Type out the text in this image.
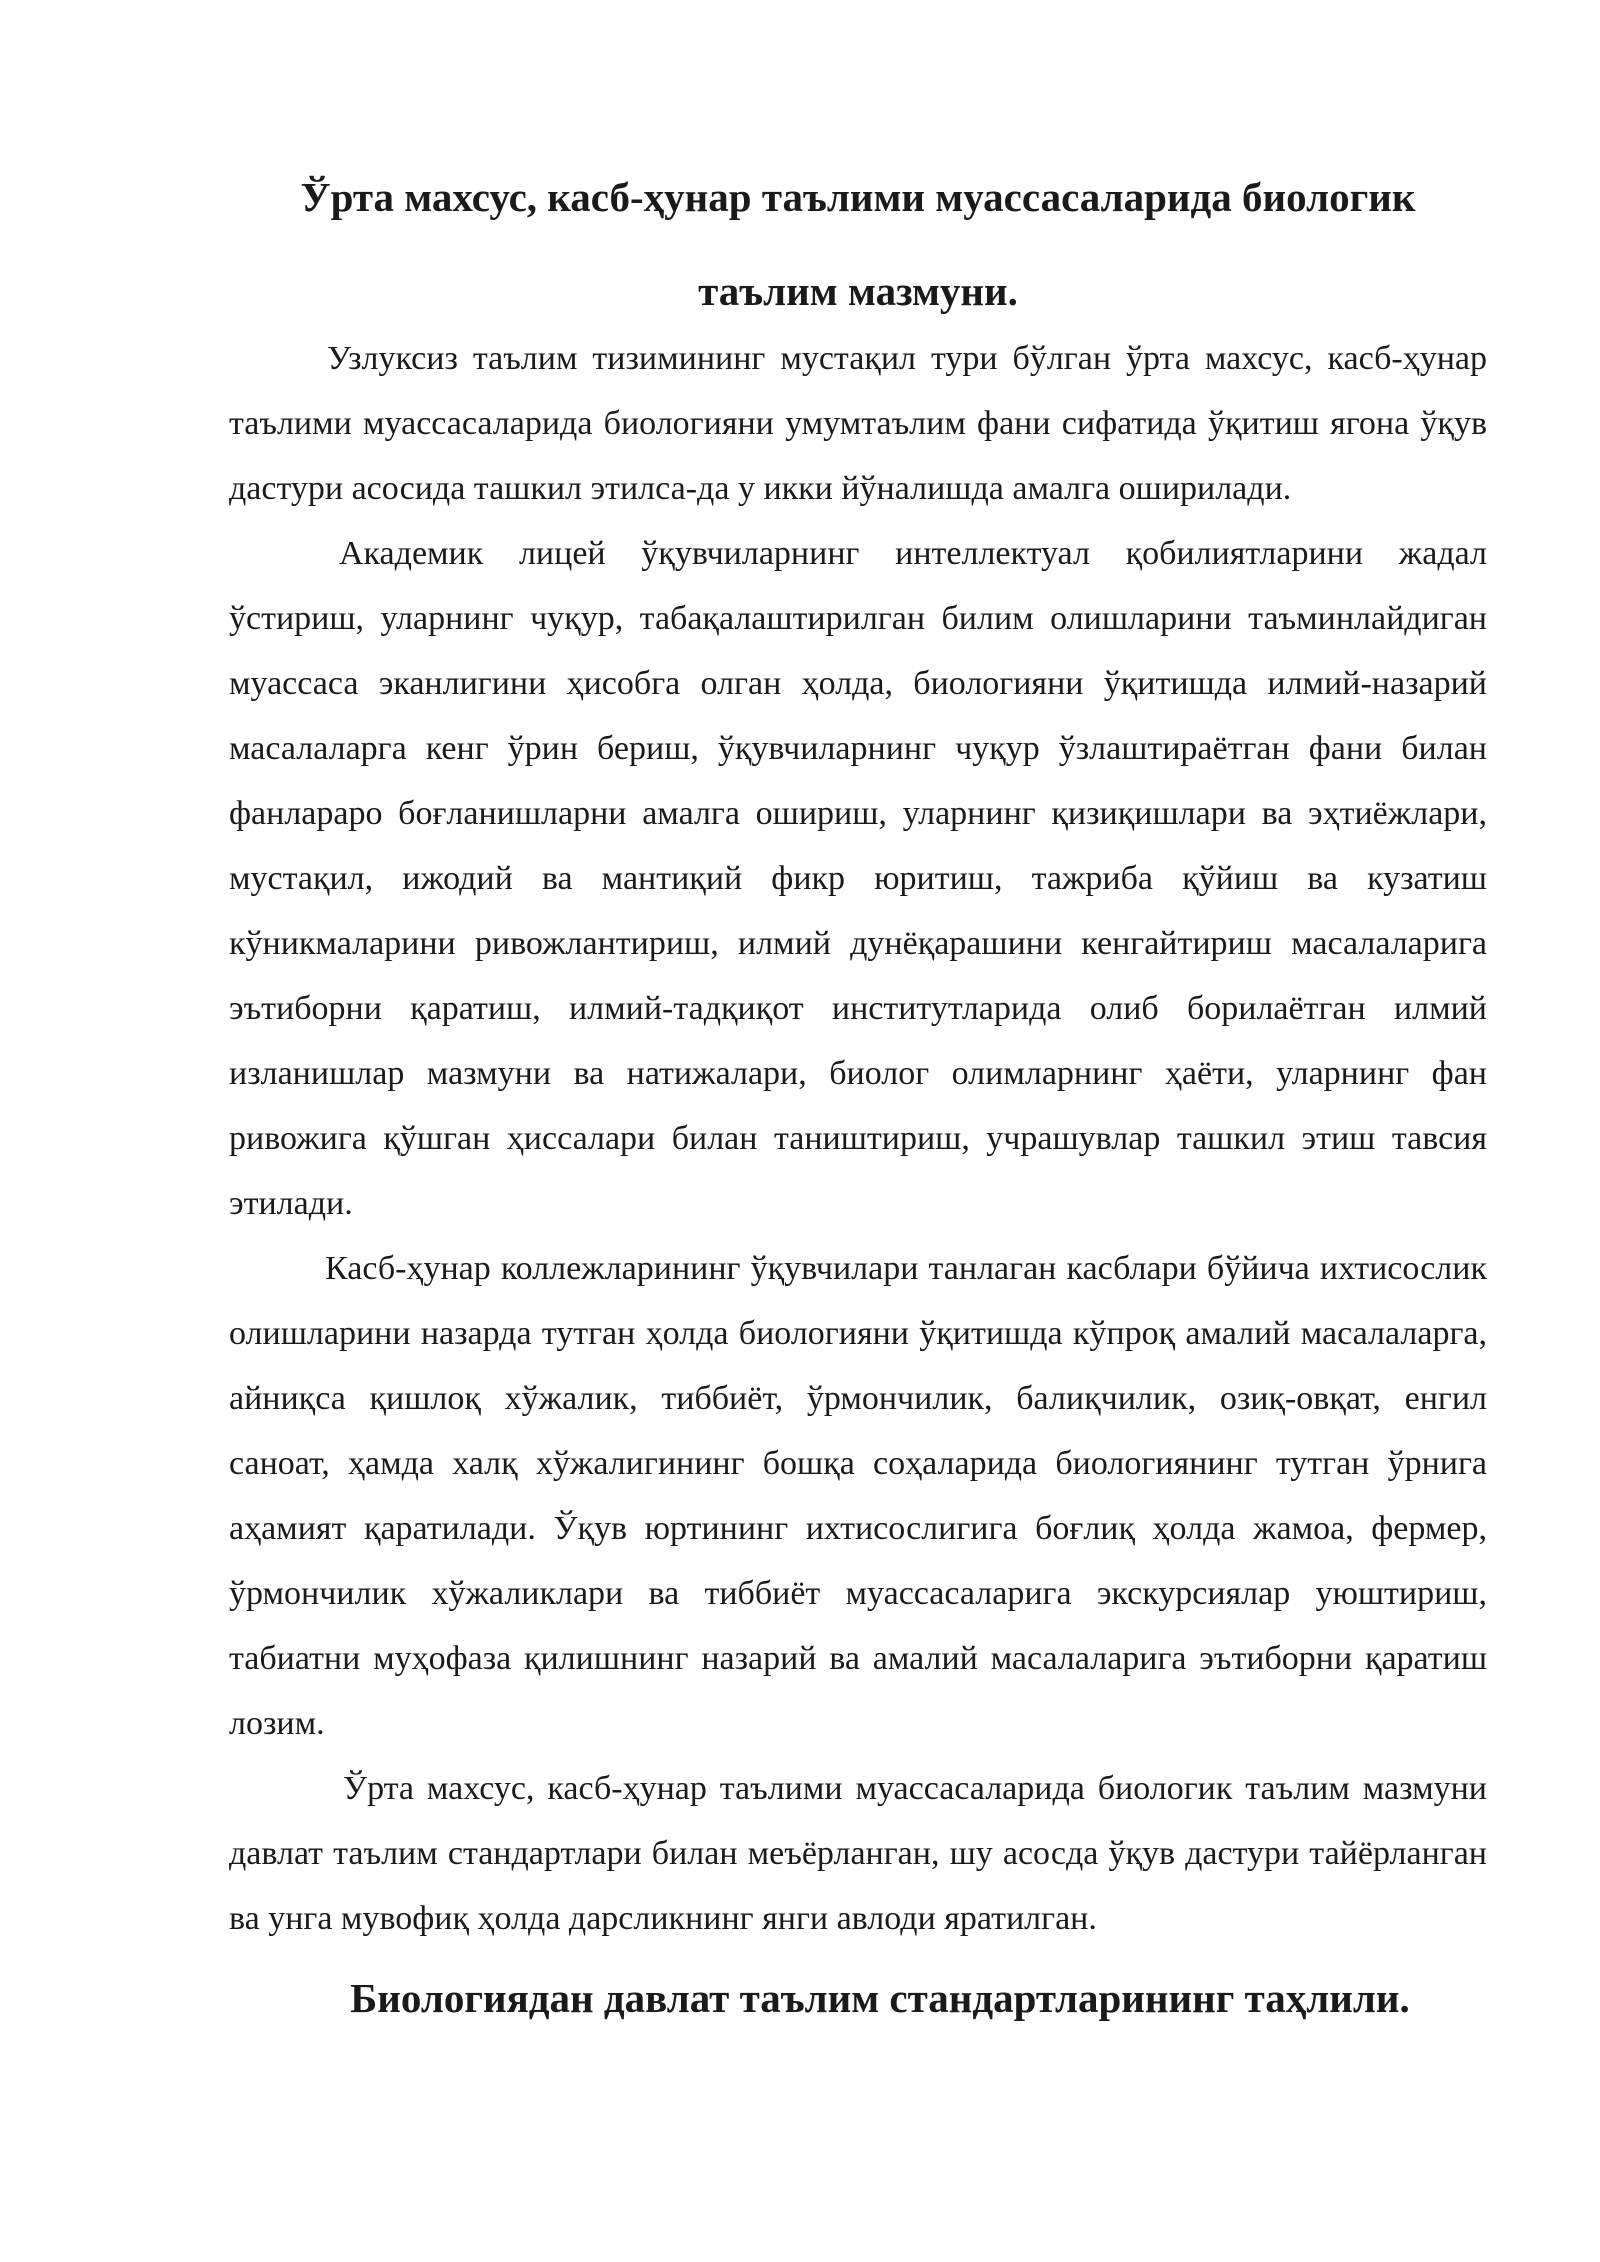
Ўрта махсус, касб-ҳунар таълими муассасаларида биологик
таълим мазмуни.

Узлуксиз таълим тизимининг мустақил тури бўлган ўрта махсус, касб-ҳунар таълими муассасаларида биологияни умумтаълим фани сифатида ўқитиш ягона ўқув дастури асосида ташкил этилса-да у икки йўналишда амалга оширилади.

Академик лицей ўқувчиларнинг интеллектуал қобилиятларини жадал ўстириш, уларнинг чуқур, табақалаштирилган билим олишларини таъминлайдиган муассаса эканлигини ҳисобга олган ҳолда, биологияни ўқитишда илмий-назарий масалаларга кенг ўрин бериш, ўқувчиларнинг чуқур ўзлаштираётган фани билан фанлараро боғланишларни амалга ошириш, уларнинг қизиқишлари ва эҳтиёжлари, мустақил, ижодий ва мантиқий фикр юритиш, тажриба қўйиш ва кузатиш кўникмаларини ривожлантириш, илмий дунёқарашини кенгайтириш масалаларига эътиборни қаратиш, илмий-тадқиқот институтларида олиб борилаётган илмий изланишлар мазмуни ва натижалари, биолог олимларнинг ҳаёти, уларнинг фан ривожига қўшган ҳиссалари билан таништириш, учрашувлар ташкил этиш тавсия этилади.

Касб-ҳунар коллежларининг ўқувчилари танлаган касблари бўйича ихтисослик олишларини назарда тутган ҳолда биологияни ўқитишда кўпроқ амалий масалаларга, айниқса қишлоқ хўжалик, тиббиёт, ўрмончилик, балиқчилик, озиқ-овқат, енгил саноат, ҳамда халқ хўжалигининг бошқа соҳаларида биологиянинг тутган ўрнига аҳамият қаратилади. Ўқув юртининг ихтисослигига боғлиқ ҳолда жамоа, фермер, ўрмончилик хўжаликлари ва тиббиёт муассасаларига экскурсиялар уюштириш, табиатни муҳофаза қилишнинг назарий ва амалий масалаларига эътиборни қаратиш лозим.

Ўрта махсус, касб-ҳунар таълими муассасаларида биологик таълим мазмуни давлат таълим стандартлари билан меъёрланган, шу асосда ўқув дастури тайёрланган ва унга мувофиқ ҳолда дарсликнинг янги авлоди яратилган.

Биологиядан давлат таълим стандартларининг таҳлили.
